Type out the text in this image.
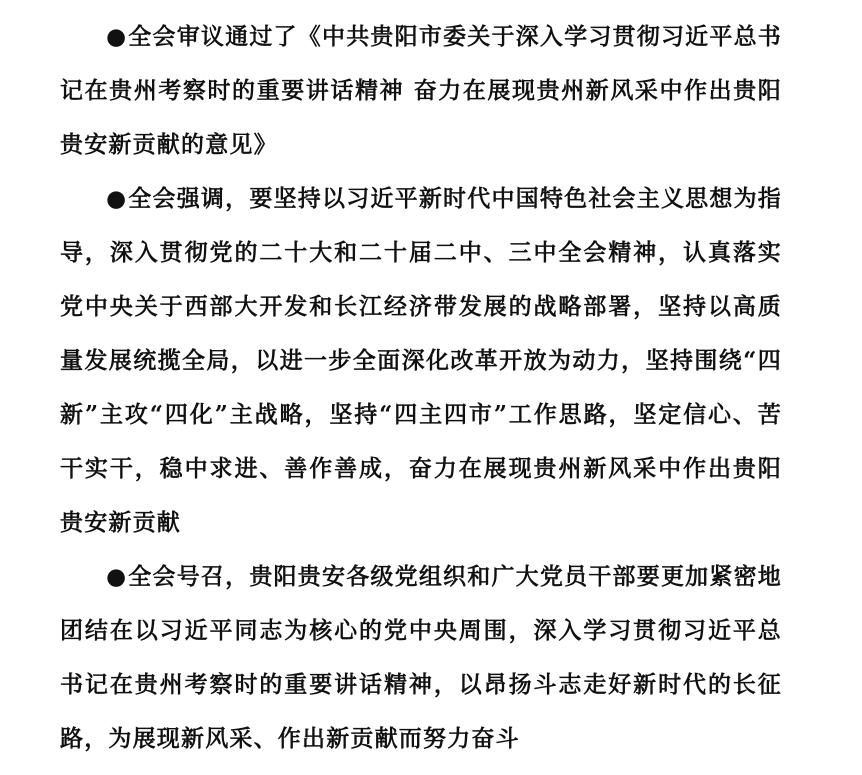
●全会审议通过了《中共贵阳市委关于深入学习贯彻习近平总书记在贵州考察时的重要讲话精神 奋力在展现贵州新风采中作出贵阳贵安新贡献的意见》

●全会强调，要坚持以习近平新时代中国特色社会主义思想为指导，深入贯彻党的二十大和二十届二中、三中全会精神，认真落实党中央关于西部大开发和长江经济带发展的战略部署，坚持以高质量发展统揽全局，以进一步全面深化改革开放为动力，坚持围绕“四新”主攻“四化”主战略，坚持“四主四市”工作思路，坚定信心、苦干实干，稳中求进、善作善成，奋力在展现贵州新风采中作出贵阳贵安新贡献

●全会号召，贵阳贵安各级党组织和广大党员干部要更加紧密地团结在以习近平同志为核心的党中央周围，深入学习贯彻习近平总书记在贵州考察时的重要讲话精神，以昂扬斗志走好新时代的长征路，为展现新风采、作出新贡献而努力奋斗
